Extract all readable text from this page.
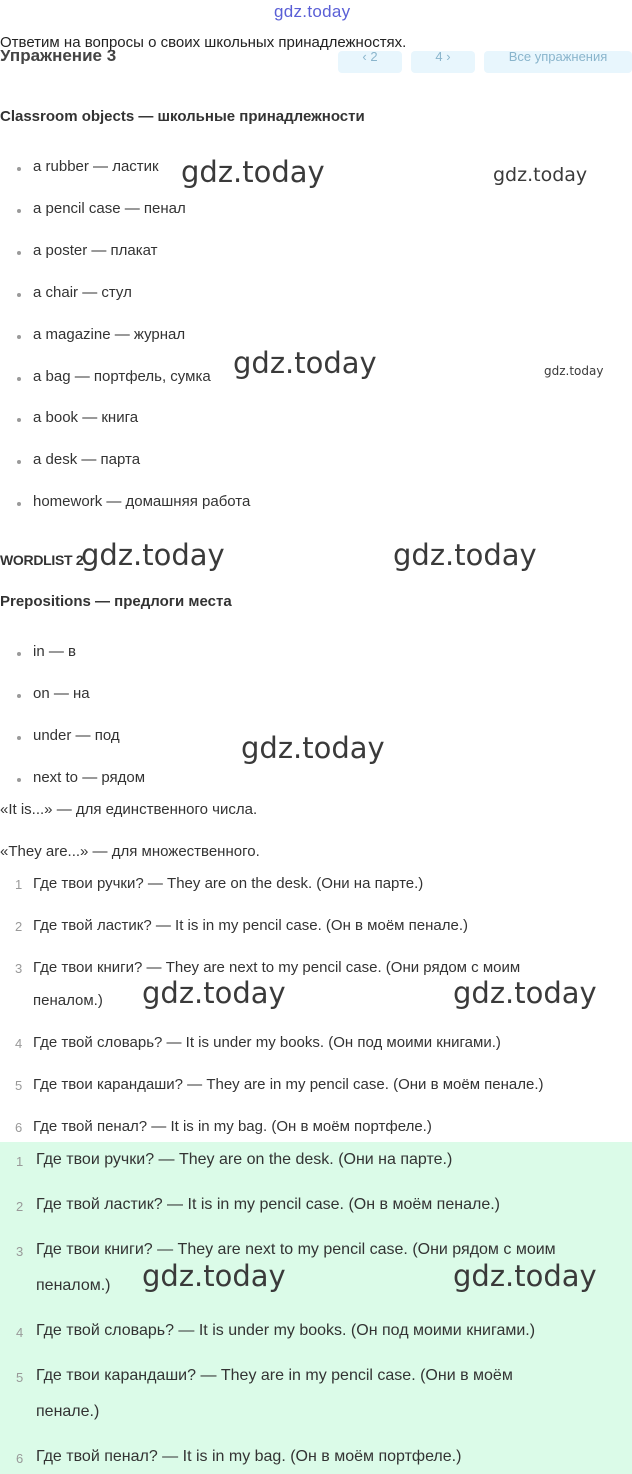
gdz.today
Ответим на вопросы о своих школьных принадлежностях.
Упражнение 3	‹ 2	4 ›	Все упражнения
Classroom objects — школьные принадлежности
a rubber — ластик
a pencil case — пенал
a poster — плакат
a chair — стул
a magazine — журнал
a bag — портфель, сумка
a book — книга
a desk — парта
homework — домашняя работа
WORDLIST 2
Prepositions — предлоги места
in — в
on — на
under — под
next to — рядом
«It is...» — для единственного числа.
«They are...» — для множественного.
1 Где твои ручки? — They are on the desk. (Они на парте.)
2 Где твой ластик? — It is in my pencil case. (Он в моём пенале.)
3 Где твои книги? — They are next to my pencil case. (Они рядом с моим
пеналом.)
4 Где твой словарь? — It is under my books. (Он под моими книгами.)
5 Где твои карандаши? — They are in my pencil case. (Они в моём пенале.)
6 Где твой пенал? — It is in my bag. (Он в моём портфеле.)
1 Где твои ручки? — They are on the desk. (Они на парте.)
2 Где твой ластик? — It is in my pencil case. (Он в моём пенале.)
3 Где твои книги? — They are next to my pencil case. (Они рядом с моим
пеналом.)
4 Где твой словарь? — It is under my books. (Он под моими книгами.)
5 Где твои карандаши? — They are in my pencil case. (Они в моём
пенале.)
6 Где твой пенал? — It is in my bag. (Он в моём портфеле.)
gdz.today	gdz.today
gdz.today	gdz.today
gdz.today	gdz.today
gdz.today
gdz.today	gdz.today
gdz.today	gdz.today
